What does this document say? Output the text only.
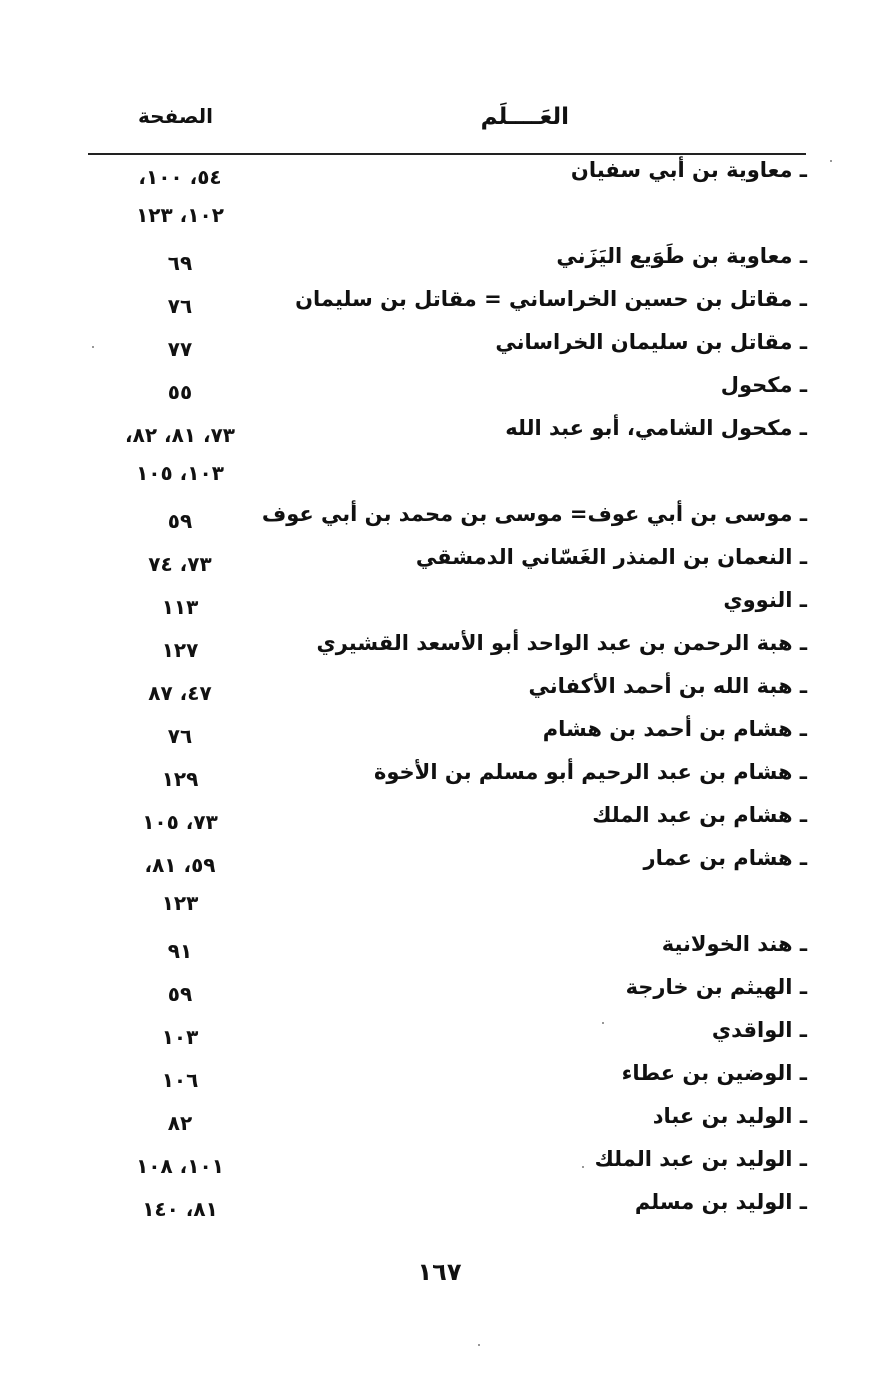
العَــــلَم
الصفحة
ـ معاوية بن أبي سفيان
٥٤، ١٠٠،
١٠٢، ١٢٣
ـ معاوية بن طَوَيع اليَزَني
٦٩
ـ مقاتل بن حسين الخراساني = مقاتل بن سليمان
٧٦
ـ مقاتل بن سليمان الخراساني
٧٧
ـ مكحول
٥٥
ـ مكحول الشامي، أبو عبد الله
٧٣، ٨١، ٨٢،
١٠٣، ١٠٥
ـ موسى بن أبي عوف= موسى بن محمد بن أبي عوف
٥٩
ـ النعمان بن المنذر الغَسّاني الدمشقي
٧٣، ٧٤
ـ النووي
١١٣
ـ هبة الرحمن بن عبد الواحد أبو الأسعد القشيري
١٢٧
ـ هبة الله بن أحمد الأكفاني
٤٧، ٨٧
ـ هشام بن أحمد بن هشام
٧٦
ـ هشام بن عبد الرحيم أبو مسلم بن الأخوة
١٢٩
ـ هشام بن عبد الملك
٧٣، ١٠٥
ـ هشام بن عمار
٥٩، ٨١،
١٢٣
ـ هند الخولانية
٩١
ـ الهيثم بن خارجة
٥٩
ـ الواقدي
١٠٣
ـ الوضين بن عطاء
١٠٦
ـ الوليد بن عباد
٨٢
ـ الوليد بن عبد الملك
١٠١، ١٠٨
ـ الوليد بن مسلم
٨١، ١٤٠
١٦٧
